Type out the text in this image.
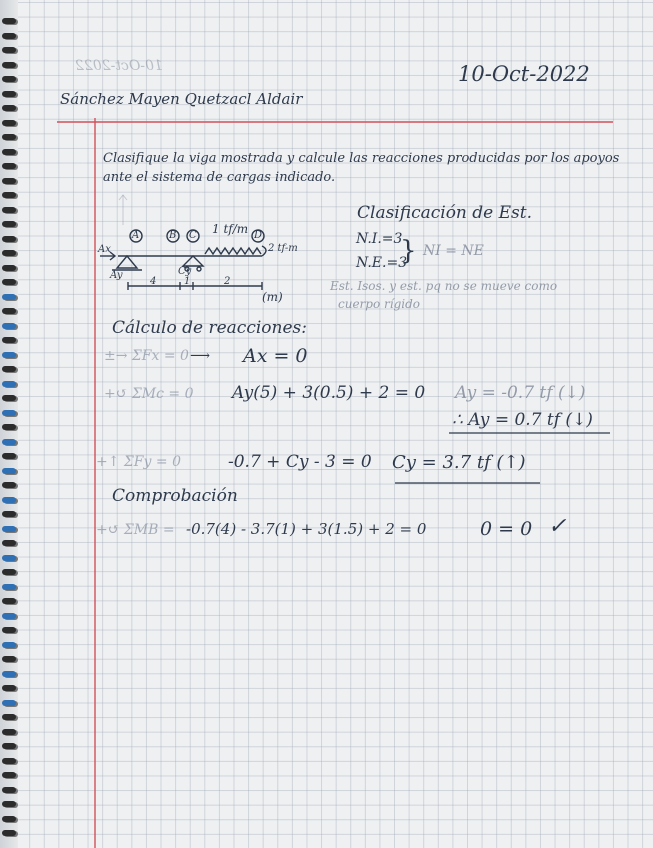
10-Oct-2022	10-Oct-2022
Sánchez Mayen Quetzacl Aldair
Clasifique la viga mostrada y calcule las reacciones producidas por los apoyos
ante el sistema de cargas indicado.
A	B C	D
1 tf/m
2 tf-m
Ax
Ay	Cy
4	1	2
(m)
Clasificación de Est.
N.I.=3
N.E.=3
} NI = NE
Est. Isos. y est. pq no se mueve como
cuerpo rígido
Cálculo de reacciones:
±→ ΣFx = 0 ⟶ Ax = 0
+↺ ΣMc = 0 Ay(5) + 3(0.5) + 2 = 0 Ay = -0.7 tf (↓)
∴ Ay = 0.7 tf (↓)
+↑ ΣFy = 0	-0.7 + Cy - 3 = 0 Cy = 3.7 tf (↑)
Comprobación
+↺ ΣMB = -0.7(4) - 3.7(1) + 3(1.5) + 2 = 0	0 = 0 ✓
